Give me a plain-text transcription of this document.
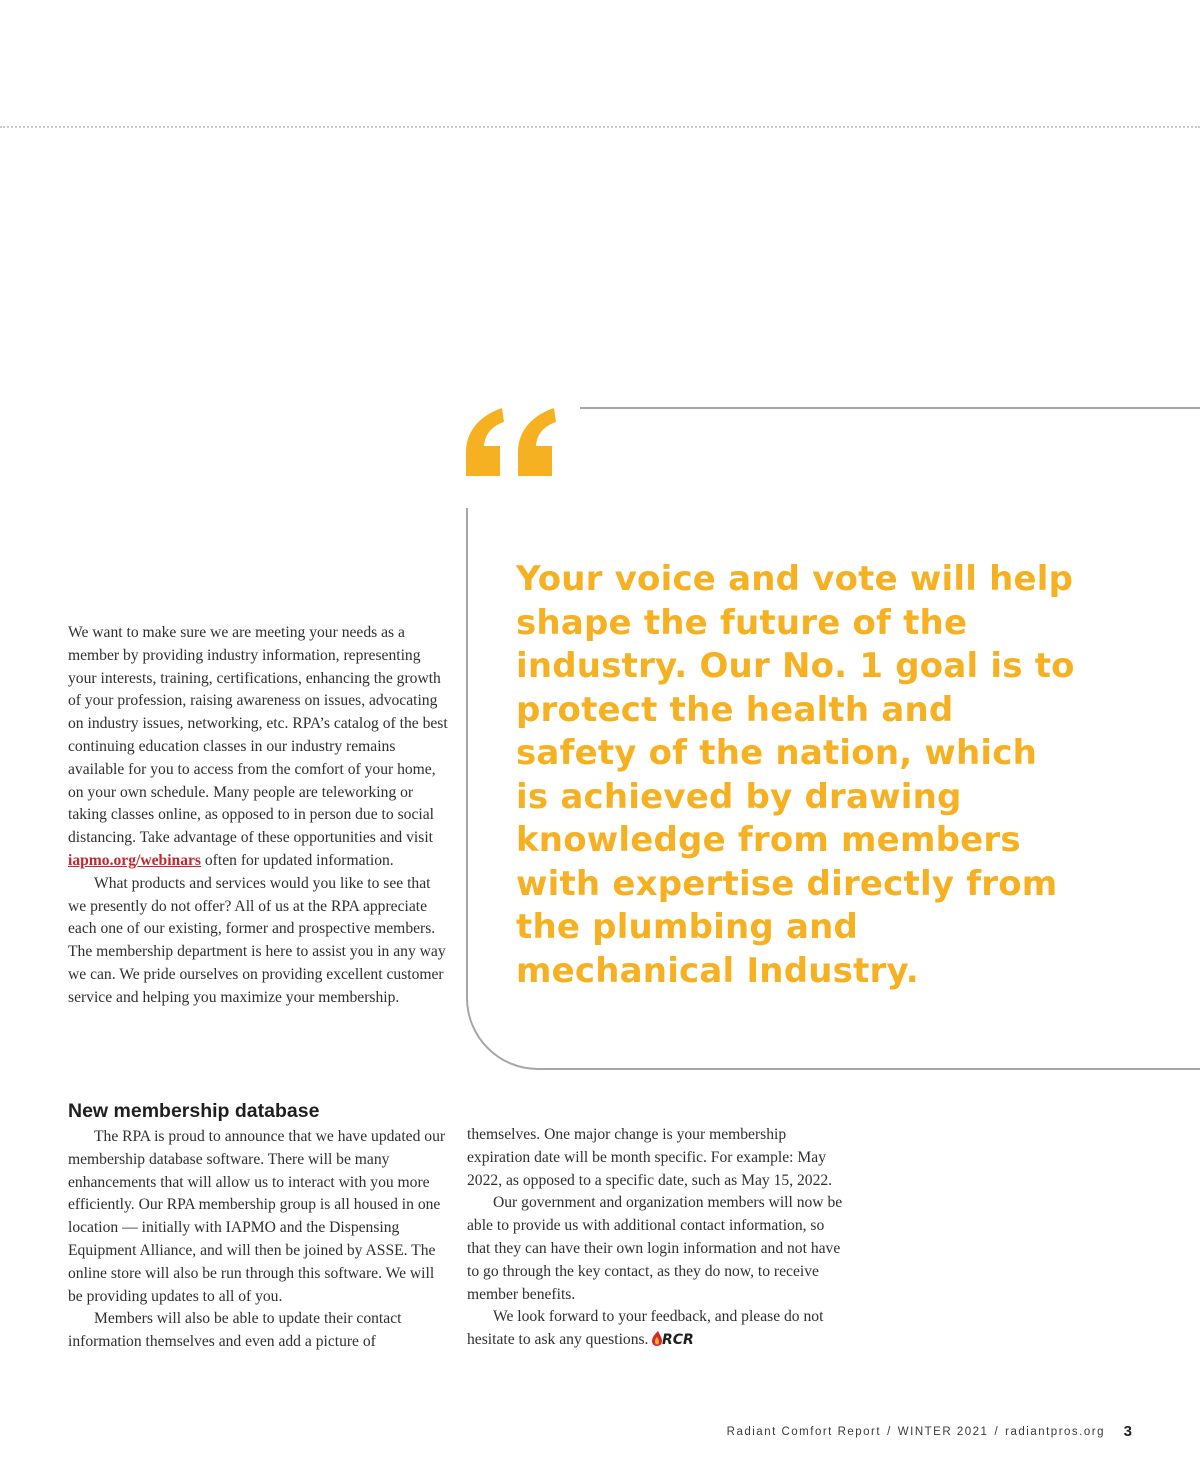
Your voice and vote will help shape the future of the industry. Our No. 1 goal is to protect the health and safety of the nation, which is achieved by drawing knowledge from members with expertise directly from the plumbing and mechanical Industry.

We want to make sure we are meeting your needs as a member by providing industry information, representing your interests, training, certifications, enhancing the growth of your profession, raising awareness on issues, advocating on industry issues, networking, etc. RPA’s catalog of the best continuing education classes in our industry remains available for you to access from the comfort of your home, on your own schedule. Many people are teleworking or taking classes online, as opposed to in person due to social distancing. Take advantage of these opportunities and visit iapmo.org/webinars often for updated information.

What products and services would you like to see that we presently do not offer? All of us at the RPA appreciate each one of our existing, former and prospective members. The membership department is here to assist you in any way we can. We pride ourselves on providing excellent customer service and helping you maximize your membership.

New membership database

The RPA is proud to announce that we have updated our membership database software. There will be many enhancements that will allow us to interact with you more efficiently. Our RPA membership group is all housed in one location — initially with IAPMO and the Dispensing Equipment Alliance, and will then be joined by ASSE. The online store will also be run through this software. We will be providing updates to all of you.

Members will also be able to update their contact information themselves and even add a picture of

themselves. One major change is your membership expiration date will be month specific. For example: May 2022, as opposed to a specific date, such as May 15, 2022.

Our government and organization members will now be able to provide us with additional contact information, so that they can have their own login information and not have to go through the key contact, as they do now, to receive member benefits.

We look forward to your feedback, and please do not hesitate to ask any questions. RCR

Radiant Comfort Report / WINTER 2021 / radiantpros.org 3
